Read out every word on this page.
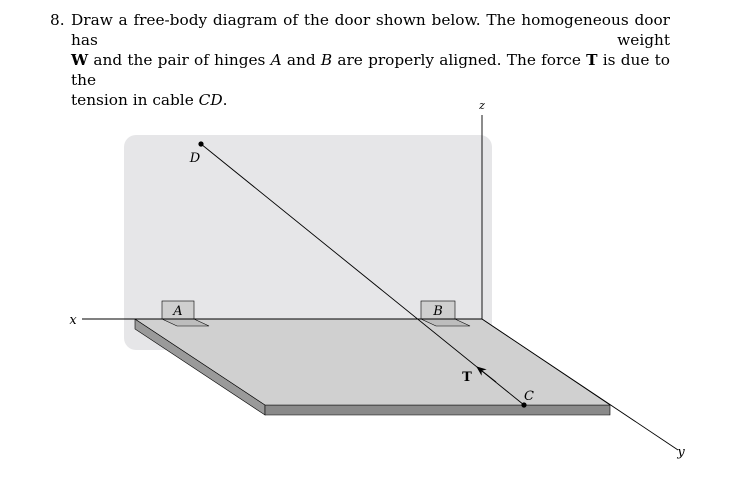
8. Draw a free-body diagram of the door shown below. The homogeneous door has weight
W and the pair of hinges A and B are properly aligned. The force T is due to the
tension in cable CD.
A	B
x
z
y
D
C
T
